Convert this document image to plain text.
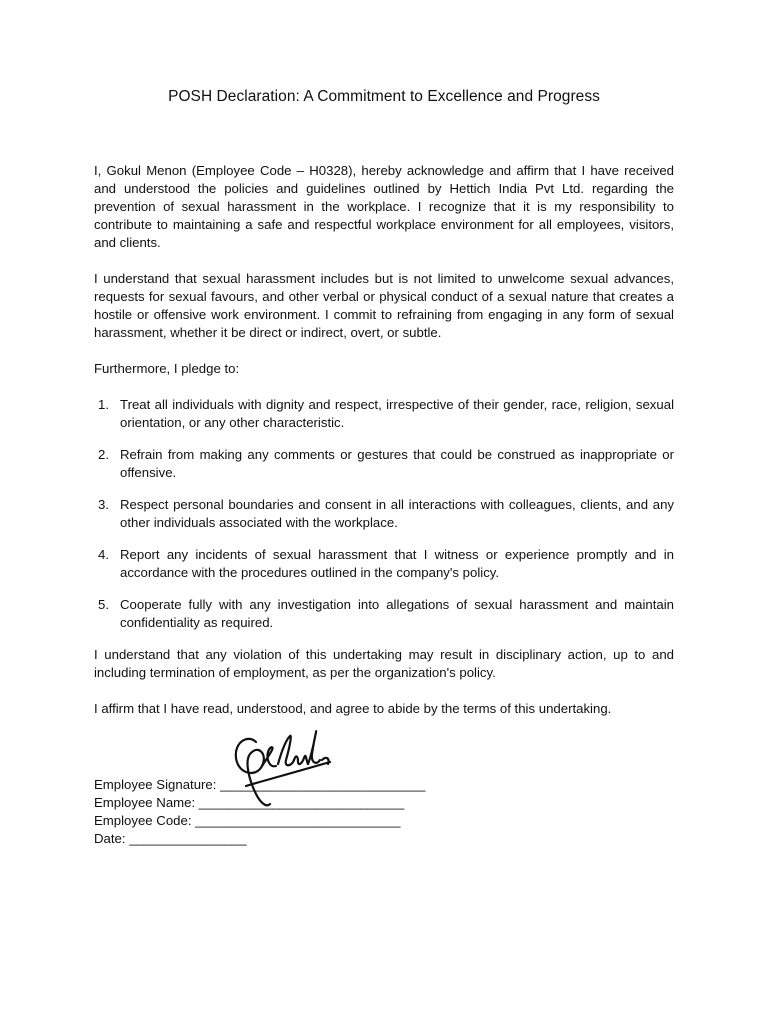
POSH Declaration: A Commitment to Excellence and Progress

I, Gokul Menon (Employee Code – H0328), hereby acknowledge and affirm that I have received and understood the policies and guidelines outlined by Hettich India Pvt Ltd. regarding the prevention of sexual harassment in the workplace. I recognize that it is my responsibility to contribute to maintaining a safe and respectful workplace environment for all employees, visitors, and clients.

I understand that sexual harassment includes but is not limited to unwelcome sexual advances, requests for sexual favours, and other verbal or physical conduct of a sexual nature that creates a hostile or offensive work environment. I commit to refraining from engaging in any form of sexual harassment, whether it be direct or indirect, overt, or subtle.

Furthermore, I pledge to:

1. Treat all individuals with dignity and respect, irrespective of their gender, race, religion, sexual orientation, or any other characteristic.
2. Refrain from making any comments or gestures that could be construed as inappropriate or offensive.
3. Respect personal boundaries and consent in all interactions with colleagues, clients, and any other individuals associated with the workplace.
4. Report any incidents of sexual harassment that I witness or experience promptly and in accordance with the procedures outlined in the company's policy.
5. Cooperate fully with any investigation into allegations of sexual harassment and maintain confidentiality as required.

I understand that any violation of this undertaking may result in disciplinary action, up to and including termination of employment, as per the organization's policy.

I affirm that I have read, understood, and agree to abide by the terms of this undertaking.

Employee Signature: ____________________________
Employee Name: ____________________________
Employee Code: ____________________________
Date: ________________
